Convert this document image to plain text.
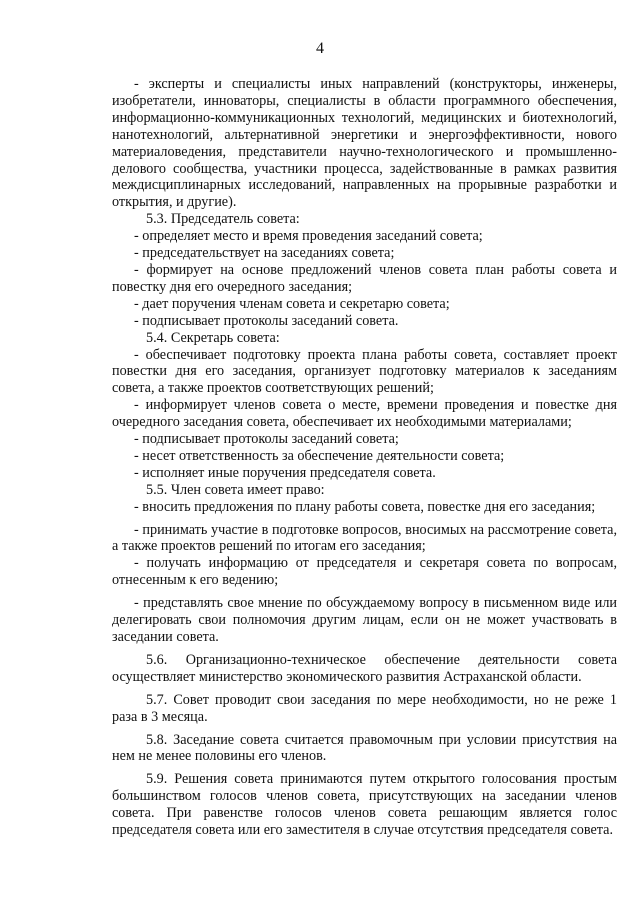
4

- эксперты и специалисты иных направлений (конструкторы, инженеры, изобретатели, инноваторы, специалисты в области программного обеспечения, информационно-коммуникационных технологий, медицинских и биотехнологий, нанотехнологий, альтернативной энергетики и энергоэффективности, нового материаловедения, представители научно-технологического и промышленно-делового сообщества, участники процесса, задействованные в рамках развития междисциплинарных исследований, направленных на прорывные разработки и открытия, и другие).

5.3. Председатель совета:

- определяет место и время проведения заседаний совета;

- председательствует на заседаниях совета;

- формирует на основе предложений членов совета план работы совета и повестку дня его очередного заседания;

- дает поручения членам совета и секретарю совета;

- подписывает протоколы заседаний совета.

5.4. Секретарь совета:

- обеспечивает подготовку проекта плана работы совета, составляет проект повестки дня его заседания, организует подготовку материалов к заседаниям совета, а также проектов соответствующих решений;

- информирует членов совета о месте, времени проведения и повестке дня очередного заседания совета, обеспечивает их необходимыми материалами;

- подписывает протоколы заседаний совета;

- несет ответственность за обеспечение деятельности совета;

- исполняет иные поручения председателя совета.

5.5. Член совета имеет право:

- вносить предложения по плану работы совета, повестке дня его заседания;

- принимать участие в подготовке вопросов, вносимых на рассмотрение совета, а также проектов решений по итогам его заседания;

- получать информацию от председателя и секретаря совета по вопросам, отнесенным к его ведению;

- представлять свое мнение по обсуждаемому вопросу в письменном виде или делегировать свои полномочия другим лицам, если он не может участвовать в заседании совета.

5.6. Организационно-техническое обеспечение деятельности совета осуществляет министерство экономического развития Астраханской области.

5.7. Совет проводит свои заседания по мере необходимости, но не реже 1 раза в 3 месяца.

5.8. Заседание совета считается правомочным при условии присутствия на нем не менее половины его членов.

5.9. Решения совета принимаются путем открытого голосования простым большинством голосов членов совета, присутствующих на заседании членов совета. При равенстве голосов членов совета решающим является голос председателя совета или его заместителя в случае отсутствия председателя совета.
